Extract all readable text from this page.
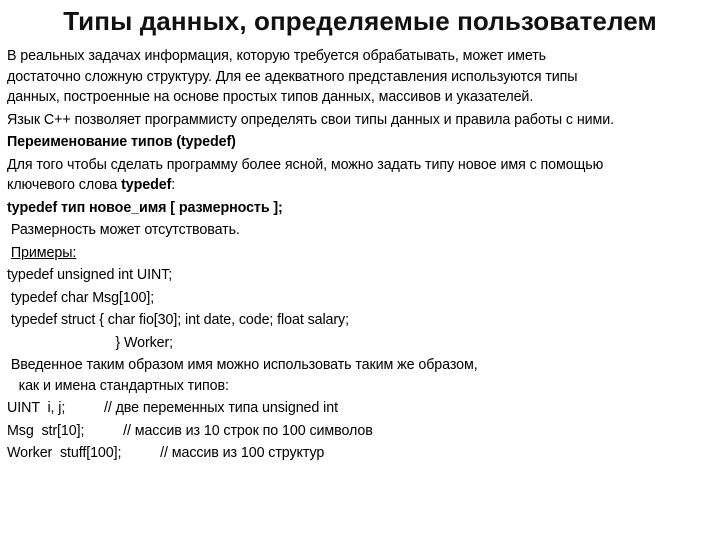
Типы данных, определяемые пользователем
В реальных задачах информация, которую требуется обрабатывать, может иметь
достаточно сложную структуру. Для ее адекватного представления используются типы
данных, построенные на основе простых типов данных, массивов и указателей.
Язык С++ позволяет программисту определять свои типы данных и правила работы с ними.
Переименование типов (typedef)
Для того чтобы сделать программу более ясной, можно задать типу новое имя с помощью
ключевого слова typedef:
typedef тип новое_имя [ размерность ];
Размерность может отсутствовать.
Примеры:
typedef unsigned int UINT;
typedef char Msg[100];
typedef struct { char fio[30]; int date, code; float salary;
} Worker;
Введенное таким образом имя можно использовать таким же образом,
как и имена стандартных типов:
UINT  i, j;	// две переменных типа unsigned int
Msg  str[10];	// массив из 10 строк по 100 символов
Worker  stuff[100];	// массив из 100 структур
